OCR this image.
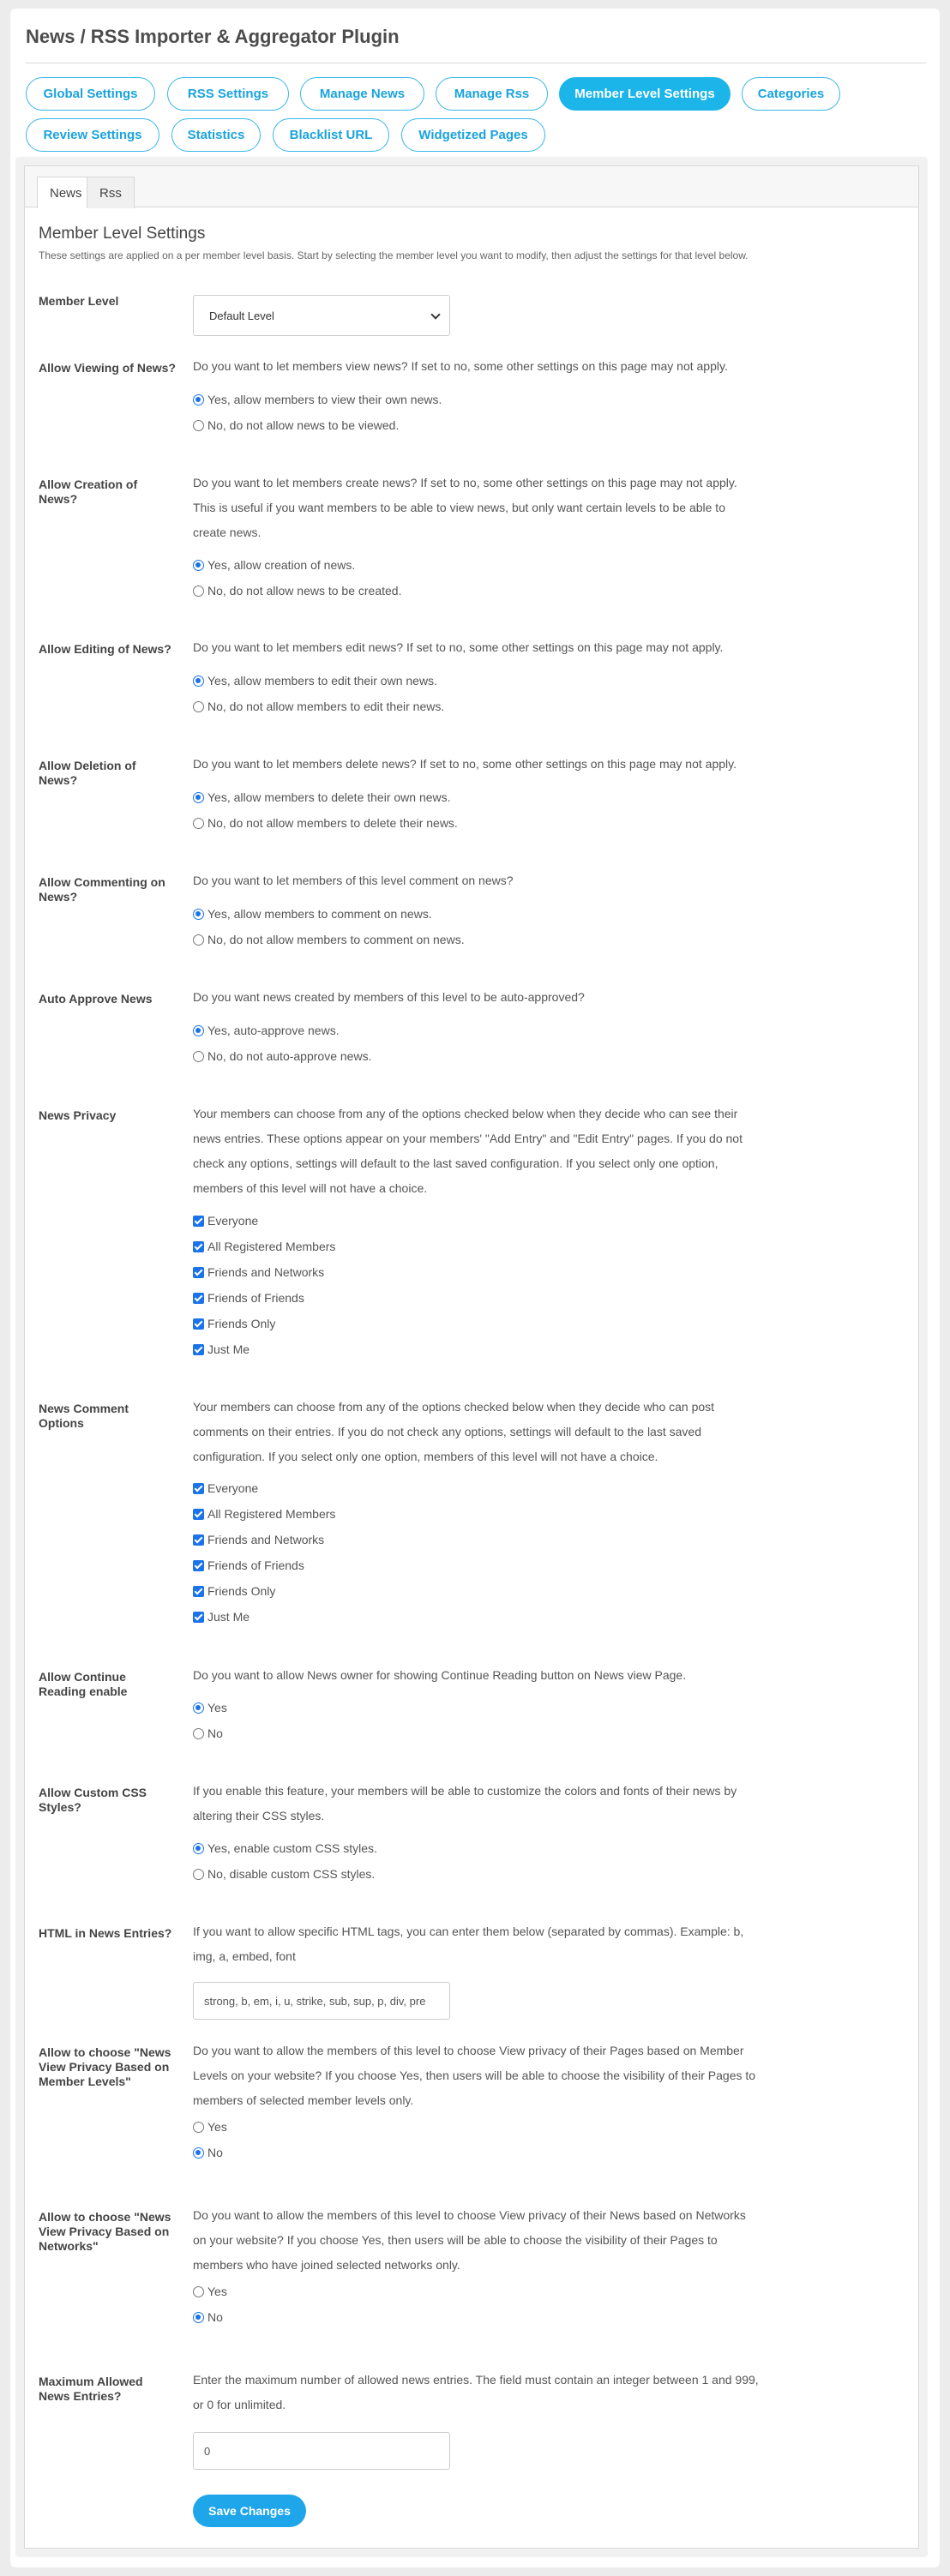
News / RSS Importer & Aggregator Plugin
Global Settings	RSS Settings	Manage News	Manage Rss	Member Level Settings	Categories
Review Settings	Statistics	Blacklist URL	Widgetized Pages
News	Rss
Member Level Settings
These settings are applied on a per member level basis. Start by selecting the member level you want to modify, then adjust the settings for that level below.
Member Level
Default Level
Allow Viewing of News? Do you want to let members view news? If set to no, some other settings on this page may not apply.
Yes, allow members to view their own news.
No, do not allow news to be viewed.
Allow Creation of News?
Do you want to let members create news? If set to no, some other settings on this page may not apply. This is useful if you want members to be able to view news, but only want certain levels to be able to create news.
Yes, allow creation of news.
No, do not allow news to be created.
Allow Editing of News?	Do you want to let members edit news? If set to no, some other settings on this page may not apply.
Yes, allow members to edit their own news.
No, do not allow members to edit their news.
Allow Deletion of News?
Do you want to let members delete news? If set to no, some other settings on this page may not apply.
Yes, allow members to delete their own news.
No, do not allow members to delete their news.
Allow Commenting on News?
Do you want to let members of this level comment on news?
Yes, allow members to comment on news.
No, do not allow members to comment on news.
Auto Approve News	Do you want news created by members of this level to be auto-approved?
Yes, auto-approve news.
No, do not auto-approve news.
News Privacy	Your members can choose from any of the options checked below when they decide who can see their news entries. These options appear on your members' "Add Entry" and "Edit Entry" pages. If you do not check any options, settings will default to the last saved configuration. If you select only one option, members of this level will not have a choice.
Everyone
All Registered Members
Friends and Networks
Friends of Friends
Friends Only
Just Me
News Comment Options
Your members can choose from any of the options checked below when they decide who can post comments on their entries. If you do not check any options, settings will default to the last saved configuration. If you select only one option, members of this level will not have a choice.
Everyone
All Registered Members
Friends and Networks
Friends of Friends
Friends Only
Just Me
Allow Continue Reading enable
Do you want to allow News owner for showing Continue Reading button on News view Page.
Yes
No
Allow Custom CSS Styles?
If you enable this feature, your members will be able to customize the colors and fonts of their news by altering their CSS styles.
Yes, enable custom CSS styles.
No, disable custom CSS styles.
HTML in News Entries?	If you want to allow specific HTML tags, you can enter them below (separated by commas). Example: b, img, a, embed, font
strong, b, em, i, u, strike, sub, sup, p, div, pre
Allow to choose "News View Privacy Based on Member Levels"
Do you want to allow the members of this level to choose View privacy of their Pages based on Member Levels on your website? If you choose Yes, then users will be able to choose the visibility of their Pages to members of selected member levels only.
Yes
No
Allow to choose "News View Privacy Based on Networks"
Do you want to allow the members of this level to choose View privacy of their News based on Networks on your website? If you choose Yes, then users will be able to choose the visibility of their Pages to members who have joined selected networks only.
Yes
No
Maximum Allowed News Entries?
Enter the maximum number of allowed news entries. The field must contain an integer between 1 and 999, or 0 for unlimited.
0
Save Changes
